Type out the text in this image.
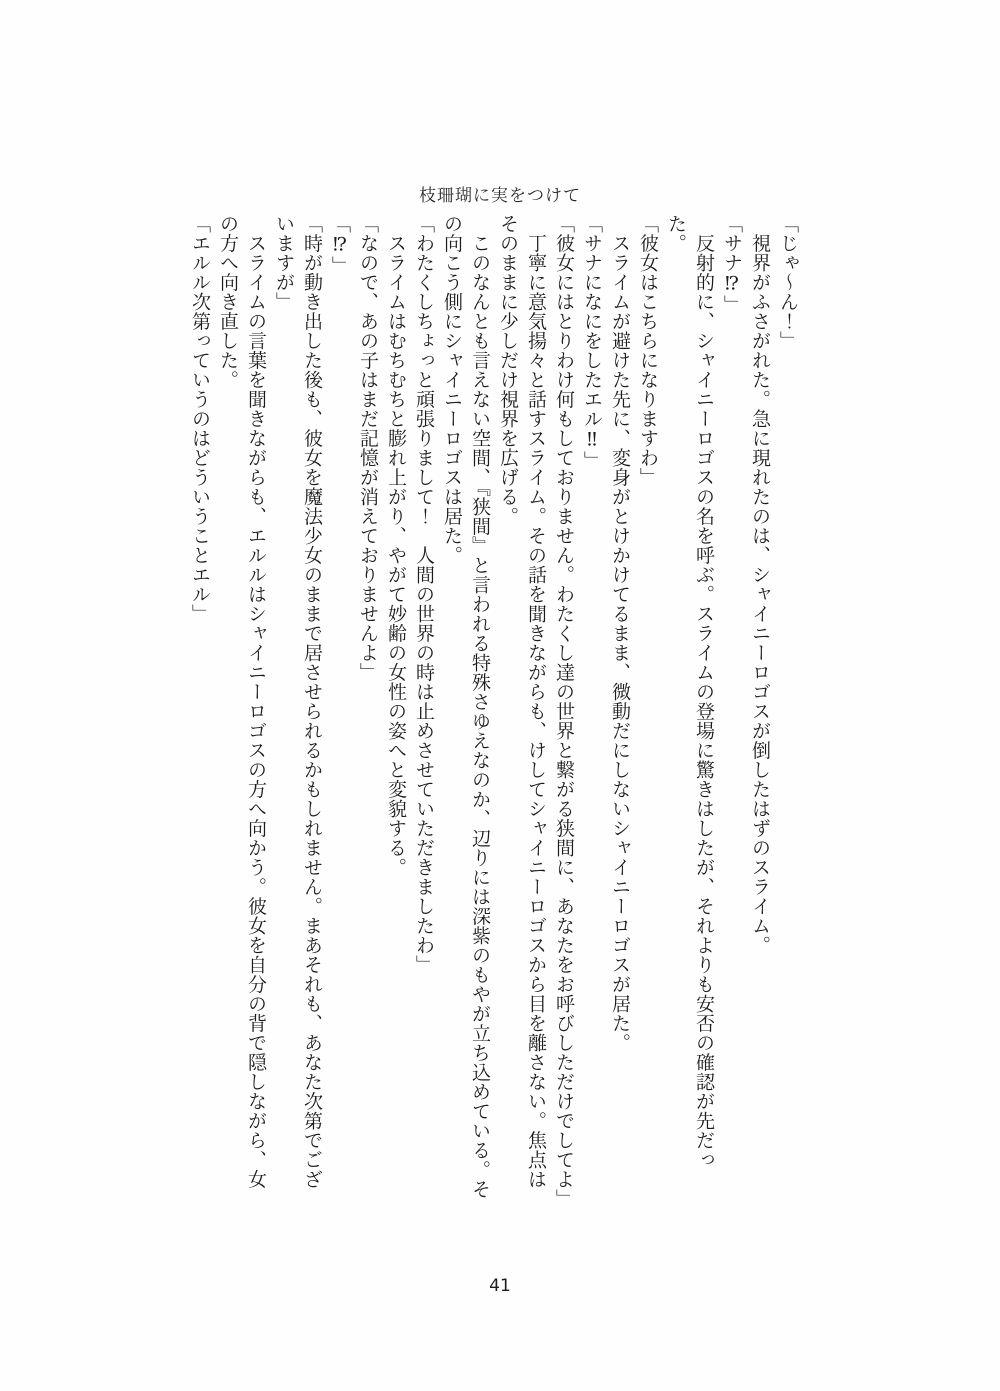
枝珊瑚に実をつけて

「じゃ〜ん！」

　視界がふさがれた。急に現れたのは、シャイニーロゴスが倒したはずのスライム。

「サナ⁉」

　反射的に、シャイニーロゴスの名を呼ぶ。スライムの登場に驚きはしたが、それよりも安否の確認が先だった。

「彼女はこちらになりますわ」

　スライムが避けた先に、変身がとけかけてるまま、微動だにしないシャイニーロゴスが居た。

「サナになにをしたエル‼」

「彼女にはとりわけ何もしておりません。わたくし達の世界と繋がる狭間に、あなたをお呼びしただけでしてよ」

　丁寧に意気揚々と話すスライム。その話を聞きながらも、けしてシャイニーロゴスから目を離さない。焦点はそのままに少しだけ視界を広げる。

　このなんとも言えない空間、『狭間』と言われる特殊さゆえなのか、辺りには深紫のもやが立ち込めている。その向こう側にシャイニーロゴスは居た。

「わたくしちょっと頑張りまして！　人間の世界の時は止めさせていただきましたわ」

　スライムはむちむちと膨れ上がり、やがて妙齢の女性の姿へと変貌する。

「なので、あの子はまだ記憶が消えておりませんよ」

「⁉」

「時が動き出した後も、彼女を魔法少女のままで居させられるかもしれません。まあそれも、あなた次第でございますが」

　スライムの言葉を聞きながらも、エルルはシャイニーロゴスの方へ向かう。彼女を自分の背で隠しながら、女の方へ向き直した。

「エルル次第っていうのはどういうことエル」

41
